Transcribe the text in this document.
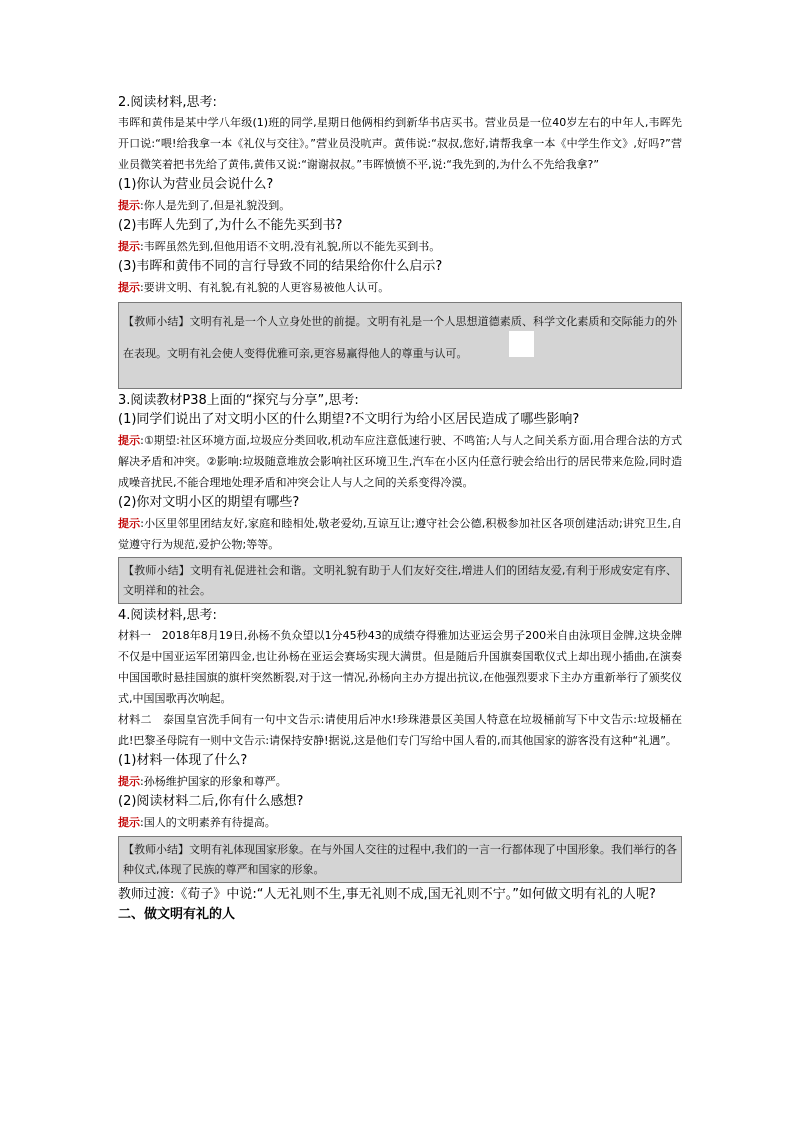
2.阅读材料,思考:

韦晖和黄伟是某中学八年级(1)班的同学,星期日他俩相约到新华书店买书。营业员是一位40岁左右的中年人,韦晖先开口说:“喂!给我拿一本《礼仪与交往》。”营业员没吭声。黄伟说:“叔叔,您好,请帮我拿一本《中学生作文》,好吗?”营业员微笑着把书先给了黄伟,黄伟又说:“谢谢叔叔。”韦晖愤愤不平,说:“我先到的,为什么不先给我拿?”

(1)你认为营业员会说什么?

提示:你人是先到了,但是礼貌没到。

(2)韦晖人先到了,为什么不能先买到书?

提示:韦晖虽然先到,但他用语不文明,没有礼貌,所以不能先买到书。

(3)韦晖和黄伟不同的言行导致不同的结果给你什么启示?

提示:要讲文明、有礼貌,有礼貌的人更容易被他人认可。

【教师小结】文明有礼是一个人立身处世的前提。文明有礼是一个人思想道德素质、科学文化素质和交际能力的外在表现。文明有礼会使人变得优雅可亲,更容易赢得他人的尊重与认可。

3.阅读教材P38上面的“探究与分享”,思考:

(1)同学们说出了对文明小区的什么期望?不文明行为给小区居民造成了哪些影响?

提示:①期望:社区环境方面,垃圾应分类回收,机动车应注意低速行驶、不鸣笛;人与人之间关系方面,用合理合法的方式解决矛盾和冲突。②影响:垃圾随意堆放会影响社区环境卫生,汽车在小区内任意行驶会给出行的居民带来危险,同时造成噪音扰民,不能合理地处理矛盾和冲突会让人与人之间的关系变得冷漠。

(2)你对文明小区的期望有哪些?

提示:小区里邻里团结友好,家庭和睦相处,敬老爱幼,互谅互让;遵守社会公德,积极参加社区各项创建活动;讲究卫生,自觉遵守行为规范,爱护公物;等等。

【教师小结】文明有礼促进社会和谐。文明礼貌有助于人们友好交往,增进人们的团结友爱,有利于形成安定有序、文明祥和的社会。

4.阅读材料,思考:

材料一 2018年8月19日,孙杨不负众望以1分45秒43的成绩夺得雅加达亚运会男子200米自由泳项目金牌,这块金牌不仅是中国亚运军团第四金,也让孙杨在亚运会赛场实现大满贯。但是随后升国旗奏国歌仪式上却出现小插曲,在演奏中国国歌时悬挂国旗的旗杆突然断裂,对于这一情况,孙杨向主办方提出抗议,在他强烈要求下主办方重新举行了颁奖仪式,中国国歌再次响起。

材料二 泰国皇宫洗手间有一句中文告示:请使用后冲水!珍珠港景区美国人特意在垃圾桶前写下中文告示:垃圾桶在此!巴黎圣母院有一则中文告示:请保持安静!据说,这是他们专门写给中国人看的,而其他国家的游客没有这种“礼遇”。

(1)材料一体现了什么?

提示:孙杨维护国家的形象和尊严。

(2)阅读材料二后,你有什么感想?

提示:国人的文明素养有待提高。

【教师小结】文明有礼体现国家形象。在与外国人交往的过程中,我们的一言一行都体现了中国形象。我们举行的各种仪式,体现了民族的尊严和国家的形象。

教师过渡:《荀子》中说:“人无礼则不生,事无礼则不成,国无礼则不宁。”如何做文明有礼的人呢?

二、做文明有礼的人
